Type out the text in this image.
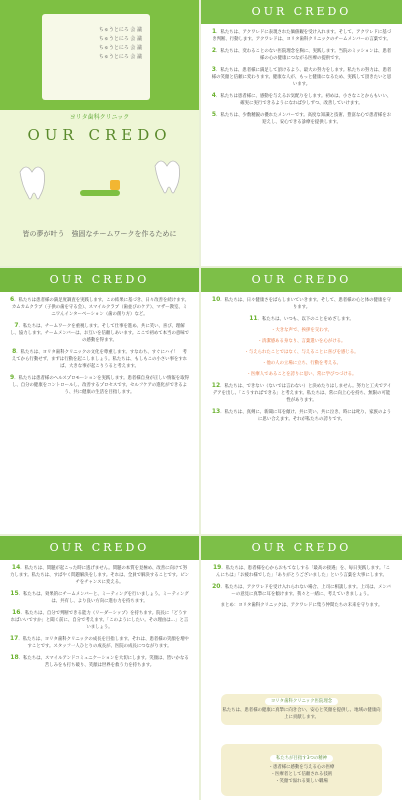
ちゅうとにろ 会 議
ちゅうとにろ 会 議
ちゅうとにろ 会 議
ちゅうとにろ 会 議
ヨリタ歯科クリニック
OUR CREDO
皆の夢が叶う　強固なチームワークを作るために
OUR CREDO

1．私たちは、アクワレドに表現された価値観を受け入れます。そして、アクワレドに基づき判断、行動します。アクワレドは、ヨリタ歯科クリニックのチームメンバーの言葉です。

2．私たちは、変わることのない医院理念を胸に、実践します。当院のミッションは、患者様の心の健康につながる医療の提供です。

3．私たちは、患者様に満足して頂けるよう、最大の努力をします。私たちの努力は、患者様の笑顔と信頼に変わります。健康な人が、もっと健康になるため、実践して頂きたいと思います。

4．私たちは患者様に、感動を与えるお気配りをします。初めは、小さなことからもいい、確実に実行できるようになれば少しずつ、改善していけます。

5．私たちは、少数精鋭の優れたメンバーです。高度な知識と技術、豊富な心で患者様をお迎えし、安心できる診療を提供します。

OUR CREDO

6．私たちは患者様の満足度調査を実践します。この結果に基づき、日々改善を続けます。カムカムクラブ（子供の歯を守る会）、スマイルクラブ（歯並びのケア）、マザー教室、ミニワんインターベーション（歯の削り方）など。

7．私たちは、チームワークを重視します。そして仕事を進め、共に笑い、喜び、理解し、協力します。チームメンバーは、お互いを信頼しあいます。ここで初めて本当の意味での感動を得ます。

8．私たちは、ヨリタ歯科クリニックの文化を尊重します。すなわち、すぐにハイ！　考えてから行動せず、まずは行動を起こしましょう。私たちは、もしもこの小さい事をすれば、大きな事が起こりうると考えます。

9．私たちは患者様のヘルスプロモーションを実践します。患者様自身が正しい情報を取得し、自分の健康をコントロールし、改善するプロセスです。セルフケアの進化ができるよう、共に健康の生活を目指します。

OUR CREDO

10．私たちは、日々健康さをばらしまいていきます。そして、患者様の心と体の健康を守ります。

11．私たちは、いつも、以下のことをめざします。

・大きな声で、挨拶を交わす。

・清潔感ある身なり、言葉遣いを心がける。

・与えられたことではなく、与えることに喜びを感じる。

・他の人の立場に立ち、行動を考える。

・医療人であることを誇りに思い、常に学びつづける。

12．私たちは、できない（ないでは言わない）と決めたりはしません。努力と工夫でアイデアを出し、「こうすればできる」と考えます。私たちは、常に向上心を持ち、無限の可能性があります。

13．私たちは、真剣に、新聞に耳を傾け、共に笑い、共に泣き、時には叱り、家族のように思い合えます。それが私たちの誇りです。

OUR CREDO

14．私たちは、問題が起こった時に逃げません。問題の本質を見極め、改善に向けて努力します。私たちは、すばやく問題解決をします。それは、全員で解決することです。ピンチをチャンスに変える。

15．私たちは、効果的にチームメンバーと、ミーティングを行いましょう。ミーティングは、共有し、より良い方向に進む力を持ちます。

16．私たちは、自分で判断できる能力（リーダーシップ）を持ちます。院長に「どうすればいいですか」と聞く前に、自分で考えます。「このようにしたい。その理由は…」と言いましょう。

17．私たちは、ヨリタ歯科クリニックの成長を目指します。それは、患者様の笑顔を増やすことです。スタッフ一人ひとりの成長が、医院の成長につながります。

18．私たちは、スマイルアンドコミュニケーションを大切にします。笑顔は、皆いかなる苦しみをも打ち破り、笑顔は世界を救う力を持ちます。

OUR CREDO

19．私たちは、患者様を心からおもてなしする「最高の接遇」を、毎日実践します。「こんにちは」「お疲れ様でした」「ありがとうございました」という言葉を大事にします。

20．私たちは、アクワレドを受け入れられない場合、上司に相談します。上司は、メンバーの意見に真摯に耳を傾けます。我々と一緒に、考えていきましょう。

まとめ：ヨリタ歯科クリニックは、アクワレドに集う仲間たちの未来を守ります。

ヨリタ歯科クリニック医院理念
私たちは、患者様の健康に真摯に向き合い、安心と笑顔を提供し、地域の健康向上に貢献します。

私たちが目指す3つの精神

・患者様に感動を与える心の医療
・医療者として信頼される技術
・笑顔で溢れる楽しい職場
